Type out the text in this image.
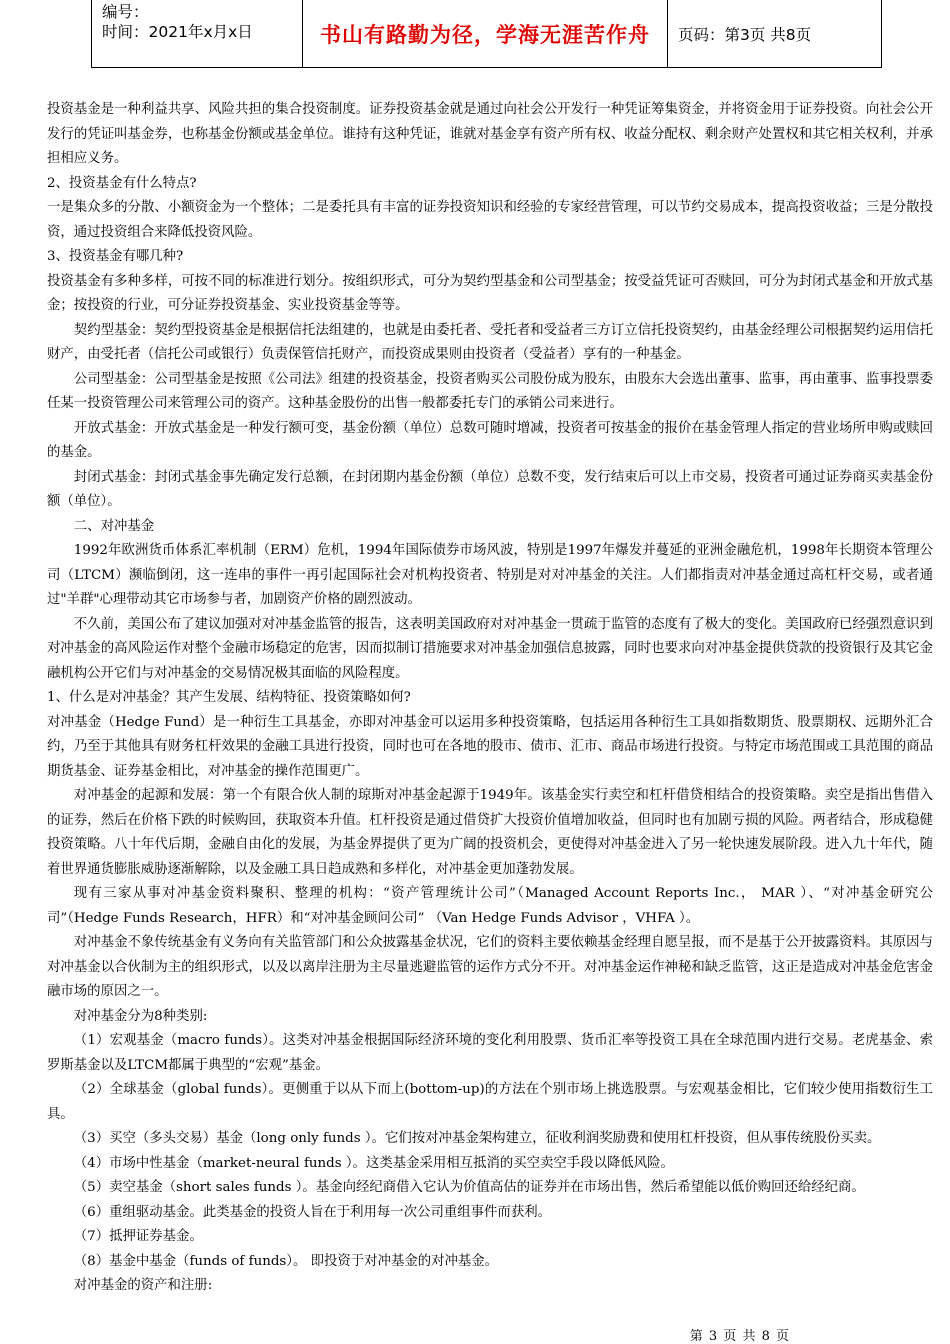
编号：
时间：2021年x月x日	书山有路勤为径，学海无涯苦作舟 页码：第3页 共8页

投资基金是一种利益共享、风险共担的集合投资制度。证券投资基金就是通过向社会公开发行一种凭证筹集资金，并将资金用于证券投资。向社会公开发行的凭证叫基金券，也称基金份额或基金单位。谁持有这种凭证，谁就对基金享有资产所有权、收益分配权、剩余财产处置权和其它相关权利，并承担相应义务。

2、投资基金有什么特点?

一是集众多的分散、小额资金为一个整体；二是委托具有丰富的证券投资知识和经验的专家经营管理，可以节约交易成本，提高投资收益；三是分散投资，通过投资组合来降低投资风险。

3、投资基金有哪几种?

投资基金有多种多样，可按不同的标准进行划分。按组织形式，可分为契约型基金和公司型基金；按受益凭证可否赎回，可分为封闭式基金和开放式基金；按投资的行业，可分证券投资基金、实业投资基金等等。

契约型基金：契约型投资基金是根据信托法组建的，也就是由委托者、受托者和受益者三方订立信托投资契约，由基金经理公司根据契约运用信托财产，由受托者（信托公司或银行）负责保管信托财产，而投资成果则由投资者（受益者）享有的一种基金。

公司型基金：公司型基金是按照《公司法》组建的投资基金，投资者购买公司股份成为股东，由股东大会选出董事、监事，再由董事、监事投票委任某一投资管理公司来管理公司的资产。这种基金股份的出售一般都委托专门的承销公司来进行。

开放式基金：开放式基金是一种发行额可变，基金份额（单位）总数可随时增减，投资者可按基金的报价在基金管理人指定的营业场所申购或赎回的基金。

封闭式基金：封闭式基金事先确定发行总额，在封闭期内基金份额（单位）总数不变，发行结束后可以上市交易，投资者可通过证券商买卖基金份额（单位）。

二、对冲基金

1992年欧洲货币体系汇率机制（ERM）危机，1994年国际债券市场风波，特别是1997年爆发并蔓延的亚洲金融危机，1998年长期资本管理公司（LTCM）濒临倒闭，这一连串的事件一再引起国际社会对机构投资者、特别是对对冲基金的关注。人们都指责对冲基金通过高杠杆交易，或者通过"羊群"心理带动其它市场参与者，加剧资产价格的剧烈波动。

不久前，美国公布了建议加强对对冲基金监管的报告，这表明美国政府对对冲基金一贯疏于监管的态度有了极大的变化。美国政府已经强烈意识到对冲基金的高风险运作对整个金融市场稳定的危害，因而拟制订措施要求对冲基金加强信息披露，同时也要求向对冲基金提供贷款的投资银行及其它金融机构公开它们与对冲基金的交易情况极其面临的风险程度。

1、什么是对冲基金？其产生发展、结构特征、投资策略如何?

对冲基金（Hedge Fund）是一种衍生工具基金，亦即对冲基金可以运用多种投资策略，包括运用各种衍生工具如指数期货、股票期权、远期外汇合约，乃至于其他具有财务杠杆效果的金融工具进行投资，同时也可在各地的股市、债市、汇市、商品市场进行投资。与特定市场范围或工具范围的商品期货基金、证券基金相比，对冲基金的操作范围更广。

对冲基金的起源和发展：第一个有限合伙人制的琼斯对冲基金起源于1949年。该基金实行卖空和杠杆借贷相结合的投资策略。卖空是指出售借入的证券，然后在价格下跌的时候购回，获取资本升值。杠杆投资是通过借贷扩大投资价值增加收益，但同时也有加剧亏损的风险。两者结合，形成稳健投资策略。八十年代后期，金融自由化的发展，为基金界提供了更为广阔的投资机会，更使得对冲基金进入了另一轮快速发展阶段。进入九十年代，随着世界通货膨胀威胁逐渐解除，以及金融工具日趋成熟和多样化，对冲基金更加蓬勃发展。

现有三家从事对冲基金资料聚积、整理的机构：“资产管理统计公司”（Managed Account Reports Inc.， MAR ）、“对冲基金研究公司”（Hedge Funds Research，HFR）和“对冲基金顾问公司” （Van Hedge Funds Advisor ，VHFA ）。

对冲基金不象传统基金有义务向有关监管部门和公众披露基金状况，它们的资料主要依赖基金经理自愿呈报，而不是基于公开披露资料。其原因与对冲基金以合伙制为主的组织形式，以及以离岸注册为主尽量逃避监管的运作方式分不开。对冲基金运作神秘和缺乏监管，这正是造成对冲基金危害金融市场的原因之一。

对冲基金分为8种类别:

（1）宏观基金（macro funds）。这类对冲基金根据国际经济环境的变化利用股票、货币汇率等投资工具在全球范围内进行交易。老虎基金、索罗斯基金以及LTCM都属于典型的“宏观”基金。

（2）全球基金（global funds）。更侧重于以从下而上(bottom-up)的方法在个别市场上挑选股票。与宏观基金相比，它们较少使用指数衍生工具。

（3）买空（多头交易）基金（long only funds ）。它们按对冲基金架构建立，征收利润奖励费和使用杠杆投资，但从事传统股份买卖。

（4）市场中性基金（market-neural funds ）。这类基金采用相互抵消的买空卖空手段以降低风险。

（5）卖空基金（short sales funds ）。基金向经纪商借入它认为价值高估的证券并在市场出售，然后希望能以低价购回还给经纪商。

（6）重组驱动基金。此类基金的投资人旨在于利用每一次公司重组事件而获利。

（7）抵押证券基金。

（8）基金中基金（funds of funds）。 即投资于对冲基金的对冲基金。

对冲基金的资产和注册:

第 3 页 共 8 页
